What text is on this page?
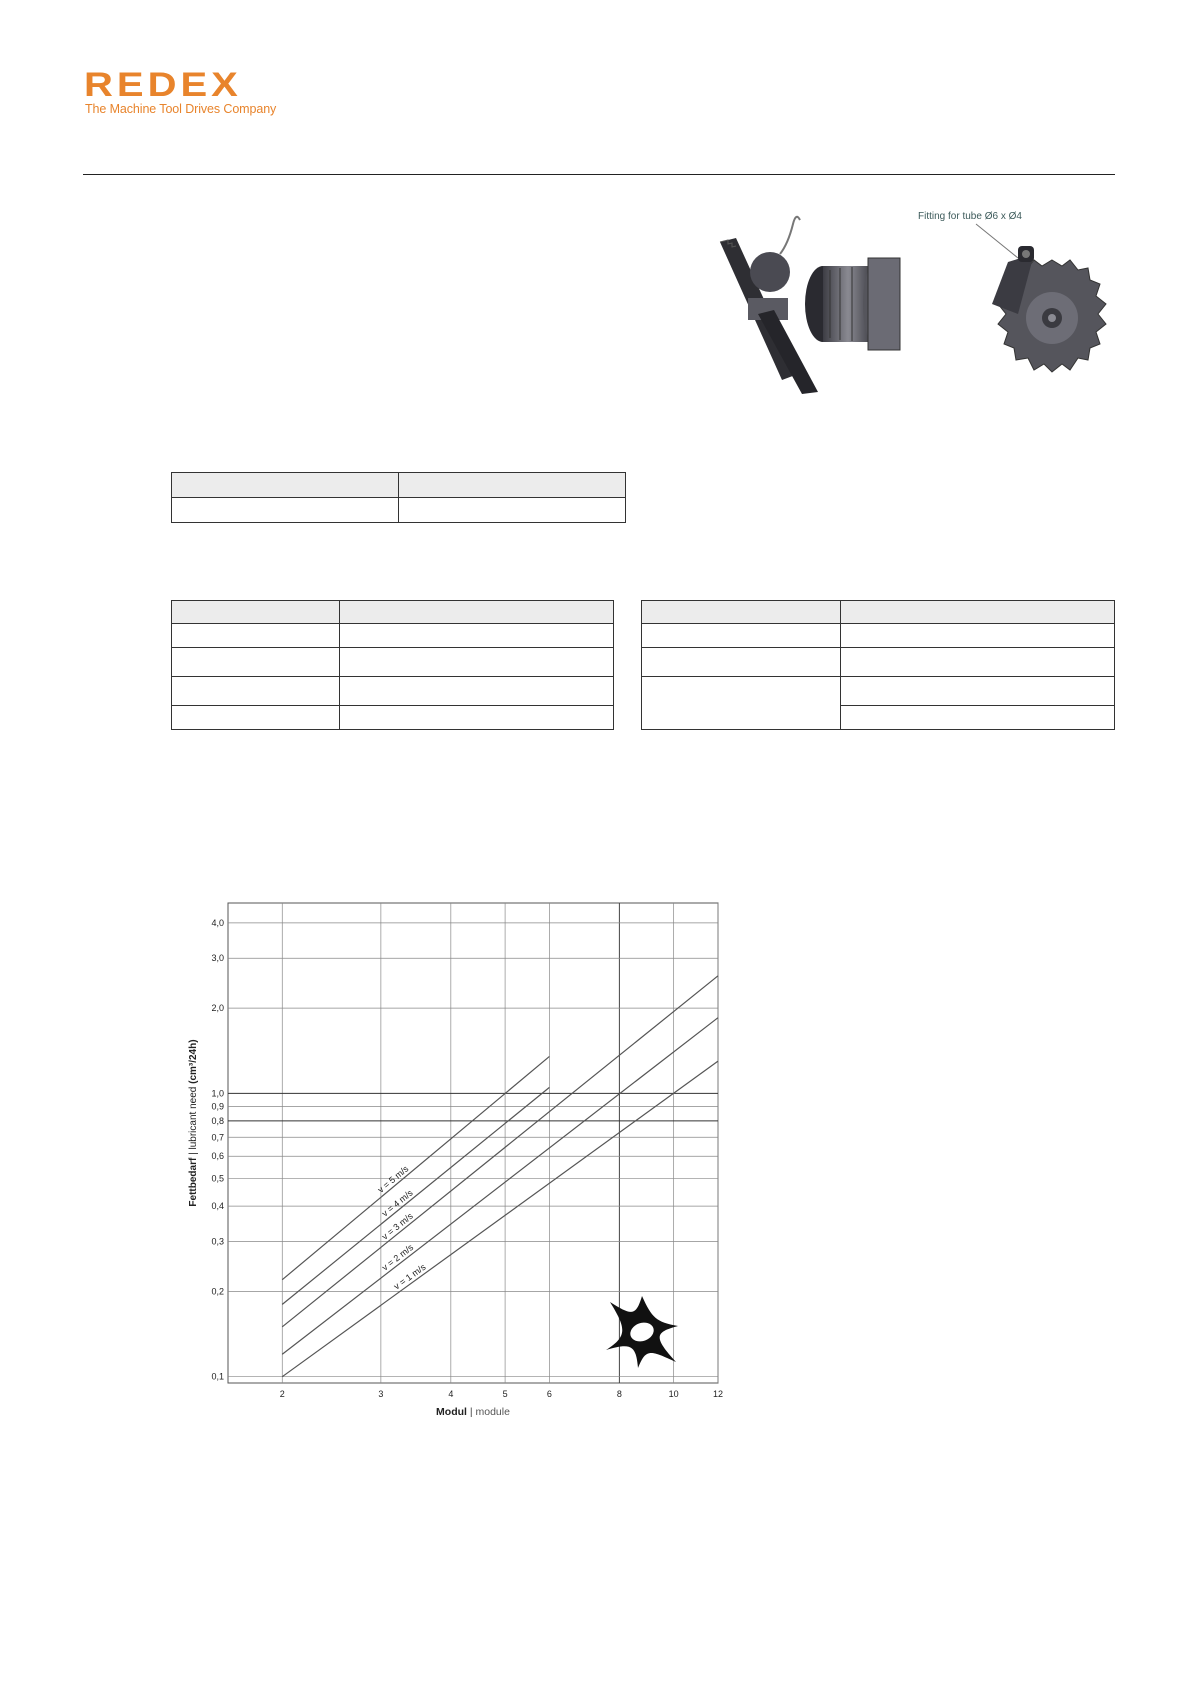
REDEX
The Machine Tool Drives Company
Fitting for tube Ø6 x Ø4

2	3	4	5	6	8	10	12
0,1
0,2
0,3
0,4
0,5
0,6
0,7
0,8
0,9
1,0
2,0
3,0
4,0
v = 5 m/s
v = 4 m/s
v = 3 m/s
v = 2 m/s
v = 1 m/s
Modul | module
Fettbedarf | lubricant need (cm³/24h)
